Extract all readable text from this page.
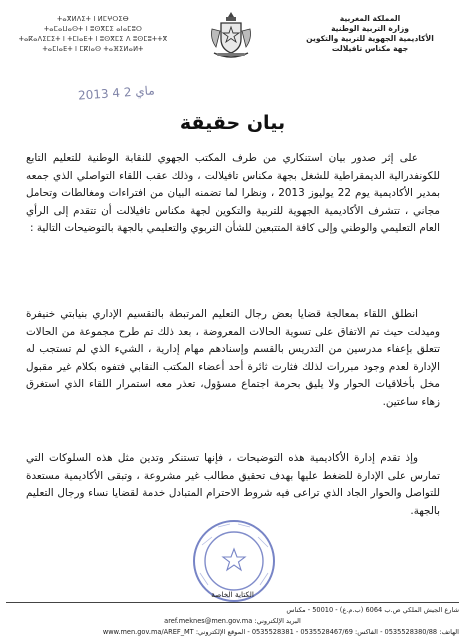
المملكة المغربية
وزارة التربية الوطنية
الأكاديمية الجهوية للتربية والتكوين
جهة مكناس تافيلالت
ⵜⴰⴳⵍⴷⵉⵜ ⵏ ⵍⵎⵖⵔⵉⴱ
ⵜⴰⵎⴰⵡⴰⵙⵜ ⵏ ⵓⵙⴳⵎⵉ ⴰⵏⴰⵎⵓⵔ
ⵜⴰⴽⴰⴷⵉⵎⵉⵜ ⵏ ⵜⵎⵏⴰⴹⵜ ⵏ ⵓⵙⴳⵎⵉ ⴷ ⵓⵙⵎⵓⵜⵜⴳ
ⵜⴰⵎⵏⴰⴹⵜ ⵏ ⵎⴽⵏⴰⵙ ⵜⴰⴼⵉⵍⴰⵍⵜ
2013 ماي 2 4
بيان حقيقة

على إثر صدور بيان استنكاري من طرف المكتب الجهوي للنقابة الوطنية للتعليم التابع للكونفدرالية الديمقراطية للشغل بجهة مكناس تافيلالت ، وذلك عقب اللقاء التواصلي الذي جمعه بمدير الأكاديمية يوم 22 يوليوز 2013 ، ونظرا لما تضمنه البيان من افتراءات ومغالطات وتحامل مجاني ، تتشرف الأكاديمية الجهوية للتربية والتكوين لجهة مكناس تافيلالت أن تتقدم إلى الرأي العام التعليمي والوطني وإلى كافة المتتبعين للشأن التربوي والتعليمي بالجهة بالتوضيحات التالية :

انطلق اللقاء بمعالجة قضايا بعض رجال التعليم المرتبطة بالتقسيم الإداري بنيابتي خنيفرة وميدلت حيث تم الاتفاق على تسوية الحالات المعروضة ، بعد ذلك تم طرح مجموعة من الحالات تتعلق بإعفاء مدرسين من التدريس بالقسم وإسنادهم مهام إدارية ، الشيء الذي لم تستجب له الإدارة لعدم وجود مبررات لذلك فثارت ثائرة أحد أعضاء المكتب النقابي فتفوه بكلام غير مقبول مخل بأخلاقيات الحوار ولا يليق بحرمة اجتماع مسؤول، تعذر معه استمرار اللقاء الذي استغرق زهاء ساعتين.

وإذ تقدم إدارة الأكاديمية هذه التوضيحات ، فإنها تستنكر وتدين مثل هذه السلوكات التي تمارس على الإدارة للضغط عليها بهدف تحقيق مطالب غير مشروعة ، وتبقى الأكاديمية مستعدة للتواصل والحوار الجاد الذي تراعى فيه شروط الاحترام المتبادل خدمة لقضايا نساء ورجال التعليم بالجهة.

الكتابة الخاصة
شارع الجيش الملكي ص.ب 6064 (ب.م.ع) - 50010 - مكناس
البريد الإلكتروني: aref.meknes@men.gov.ma
الهاتف: 0535528380/88 - الفاكس: 0535528467/69 - 0535528381 - الموقع الإلكتروني: www.men.gov.ma/AREF_MT
